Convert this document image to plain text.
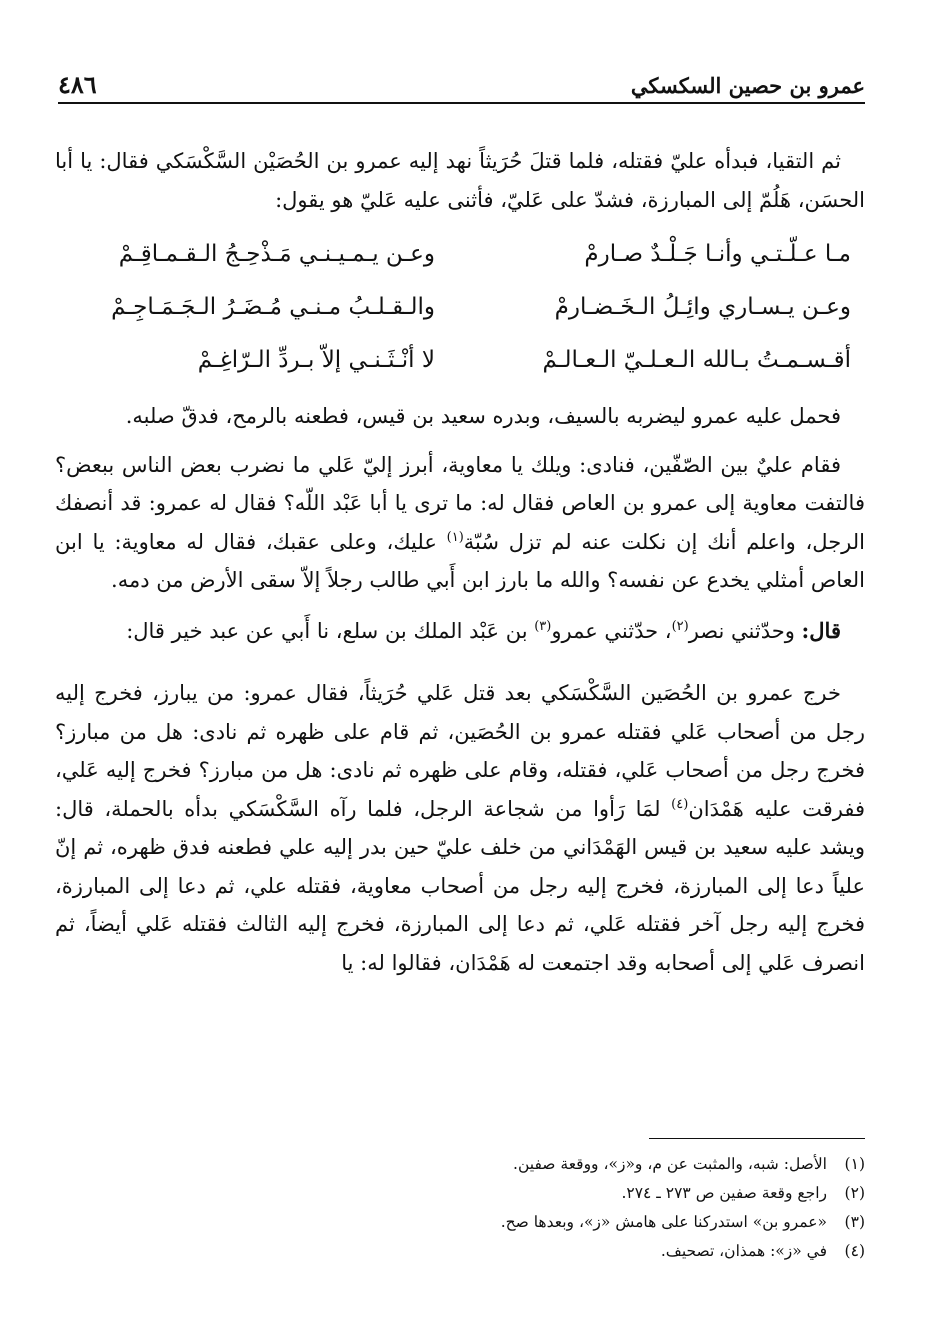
عمرو بن حصين السكسكي
٤٨٦

ثم التقيا، فبدأه عليّ فقتله، فلما قتلَ حُرَيثاً نهد إليه عمرو بن الحُصَيْن السَّكْسَكي فقال: يا أبا الحسَن، هَلُمّ إلى المبارزة، فشدّ على عَليّ، فأثنى عليه عَليّ هو يقول:

مـا عـلّـتـي وأنـا جَـلْـدٌ صـارمْ
وعـن يـمـيـنـي مَـذْحِـجُ الـقـمـاقِـمْ
وعـن يـسـاري وائِـلُ الـخَـضـارمْ
والـقـلـبُ مـنـي مُـضَـرُ الـجَـمَـاجِـمْ
أقـسـمـتُ بـالله الـعـلـيّ الـعـالـمْ
لا أنْـثَـنـي إلاّ بـردِّ الـرّاغِـمْ

فحمل عليه عمرو ليضربه بالسيف، وبدره سعيد بن قيس، فطعنه بالرمح، فدقّ صلبه.

فقام عليٌ بين الصّفّين، فنادى: ويلك يا معاوية، أبرز إليّ عَلي ما نضرب بعض الناس ببعض؟ فالتفت معاوية إلى عمرو بن العاص فقال له: ما ترى يا أبا عَبْد اللّه؟ فقال له عمرو: قد أنصفك الرجل، واعلم أنك إن نكلت عنه لم تزل سُبّة$^{(١)}$ عليك، وعلى عقبك، فقال له معاوية: يا ابن العاص أمثلي يخدع عن نفسه؟ والله ما بارز ابن أَبي طالب رجلاً إلاّ سقى الأرض من دمه.

قال: وحدّثني نصر$^{(٢)}$، حدّثني عمرو$^{(٣)}$ بن عَبْد الملك بن سلع، نا أَبي عن عبد خير قال:

خرج عمرو بن الحُصَين السَّكْسَكي بعد قتل عَلي حُرَيثاً، فقال عمرو: من يبارز، فخرج إليه رجل من أصحاب عَلي فقتله عمرو بن الحُصَين، ثم قام على ظهره ثم نادى: هل من مبارز؟ فخرج رجل من أصحاب عَلي، فقتله، وقام على ظهره ثم نادى: هل من مبارز؟ فخرج إليه عَلي، ففرقت عليه هَمْدَان$^{(٤)}$ لمَا رَأوا من شجاعة الرجل، فلما رآه السَّكْسَكي بدأه بالحملة، قال: ويشد عليه سعيد بن قيس الهَمْدَاني من خلف عليّ حين بدر إليه علي فطعنه فدق ظهره، ثم إنّ علياً دعا إلى المبارزة، فخرج إليه رجل من أصحاب معاوية، فقتله علي، ثم دعا إلى المبارزة، فخرج إليه رجل آخر فقتله عَلي، ثم دعا إلى المبارزة، فخرج إليه الثالث فقتله عَلي أيضاً، ثم انصرف عَلي إلى أصحابه وقد اجتمعت له هَمْدَان، فقالوا له: يا

(١)
الأصل: شبه، والمثبت عن م، و«ز»، ووقعة صفين.
(٢)
راجع وقعة صفين ص ٢٧٣ ـ ٢٧٤.
(٣)
«عمرو بن» استدركنا على هامش «ز»، وبعدها صح.
(٤)
في «ز»: همذان، تصحيف.
